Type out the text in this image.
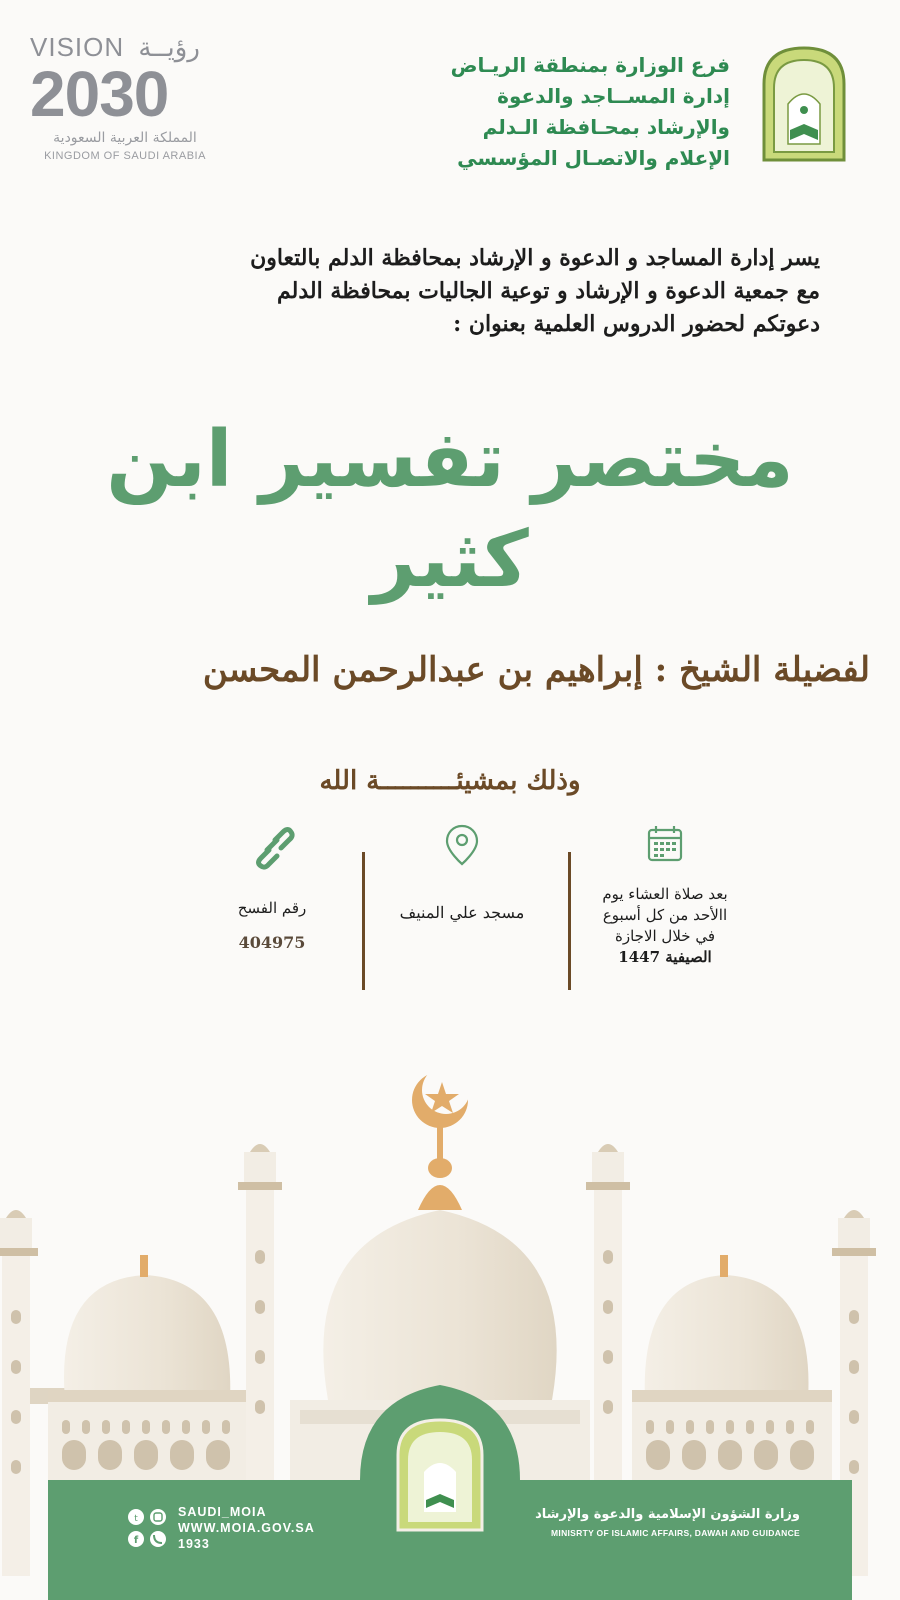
VISION رؤيــة
2030
المملكة العربية السعودية
KINGDOM OF SAUDI ARABIA
فرع الوزارة بمنطقة الريـاض
إدارة المســاجد والدعوة
والإرشاد بمحـافظة الـدلم
الإعلام والاتصـال المؤسسي
يسر إدارة المساجد و الدعوة و الإرشاد بمحافظة الدلم بالتعاون
مع جمعية الدعوة و الإرشاد و توعية الجاليات بمحافظة الدلم
دعوتكم لحضور الدروس العلمية بعنوان :
مختصر تفسير ابن
كثير
لفضيلة الشيخ : إبراهيم بن عبدالرحمن المحسن
وذلك بمشيئــــــــــة الله
بعد صلاة العشاء يوم
االأحد من كل أسبوع
في خلال الاجازة
الصيفية 1447
مسجد علي المنيف
رقم الفسح
404975
t
f
SAUDI_MOIA
WWW.MOIA.GOV.SA
1933
وزارة الشؤون الإسلامية والدعوة والإرشاد
MINISRTY OF ISLAMIC AFFAIRS, DAWAH AND GUIDANCE
